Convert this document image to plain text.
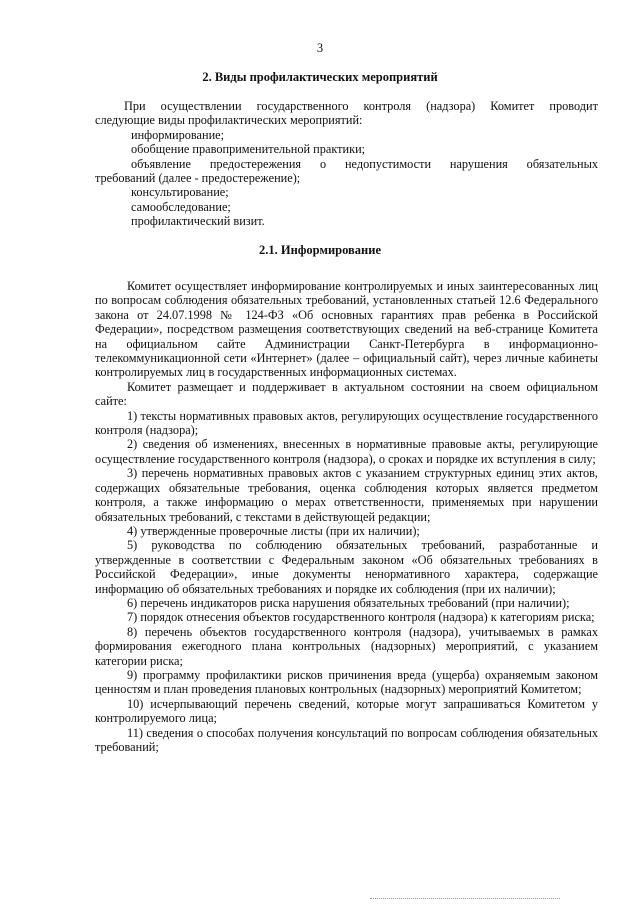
3
2. Виды профилактических мероприятий

При осуществлении государственного контроля (надзора) Комитет проводит

следующие виды профилактических мероприятий:

информирование;

обобщение правоприменительной практики;

объявление предостережения о недопустимости нарушения обязательных

требований (далее - предостережение);

консультирование;

самообследование;

профилактический визит.

2.1. Информирование

Комитет осуществляет информирование контролируемых и иных заинтересованных лиц по вопросам соблюдения обязательных требований, установленных статьей 12.6 Федерального закона от 24.07.1998 № 124-ФЗ «Об основных гарантиях прав ребенка в Российской Федерации», посредством размещения соответствующих сведений на веб-странице Комитета на официальном сайте Администрации Санкт-Петербурга в информационно-телекоммуникационной сети «Интернет» (далее – официальный сайт), через личные кабинеты контролируемых лиц в государственных информационных системах.

Комитет размещает и поддерживает в актуальном состоянии на своем официальном сайте:

1) тексты нормативных правовых актов, регулирующих осуществление государственного контроля (надзора);

2) сведения об изменениях, внесенных в нормативные правовые акты, регулирующие осуществление государственного контроля (надзора), о сроках и порядке их вступления в силу;

3) перечень нормативных правовых актов с указанием структурных единиц этих актов, содержащих обязательные требования, оценка соблюдения которых является предметом контроля, а также информацию о мерах ответственности, применяемых при нарушении обязательных требований, с текстами в действующей редакции;

4) утвержденные проверочные листы (при их наличии);

5) руководства по соблюдению обязательных требований, разработанные и утвержденные в соответствии с Федеральным законом «Об обязательных требованиях в Российской Федерации», иные документы ненормативного характера, содержащие информацию об обязательных требованиях и порядке их соблюдения (при их наличии);

6) перечень индикаторов риска нарушения обязательных требований (при наличии);

7) порядок отнесения объектов государственного контроля (надзора) к категориям риска;

8) перечень объектов государственного контроля (надзора), учитываемых в рамках формирования ежегодного плана контрольных (надзорных) мероприятий, с указанием категории риска;

9) программу профилактики рисков причинения вреда (ущерба) охраняемым законом ценностям и план проведения плановых контрольных (надзорных) мероприятий Комитетом;

10) исчерпывающий перечень сведений, которые могут запрашиваться Комитетом у контролируемого лица;

11) сведения о способах получения консультаций по вопросам соблюдения обязательных требований;
